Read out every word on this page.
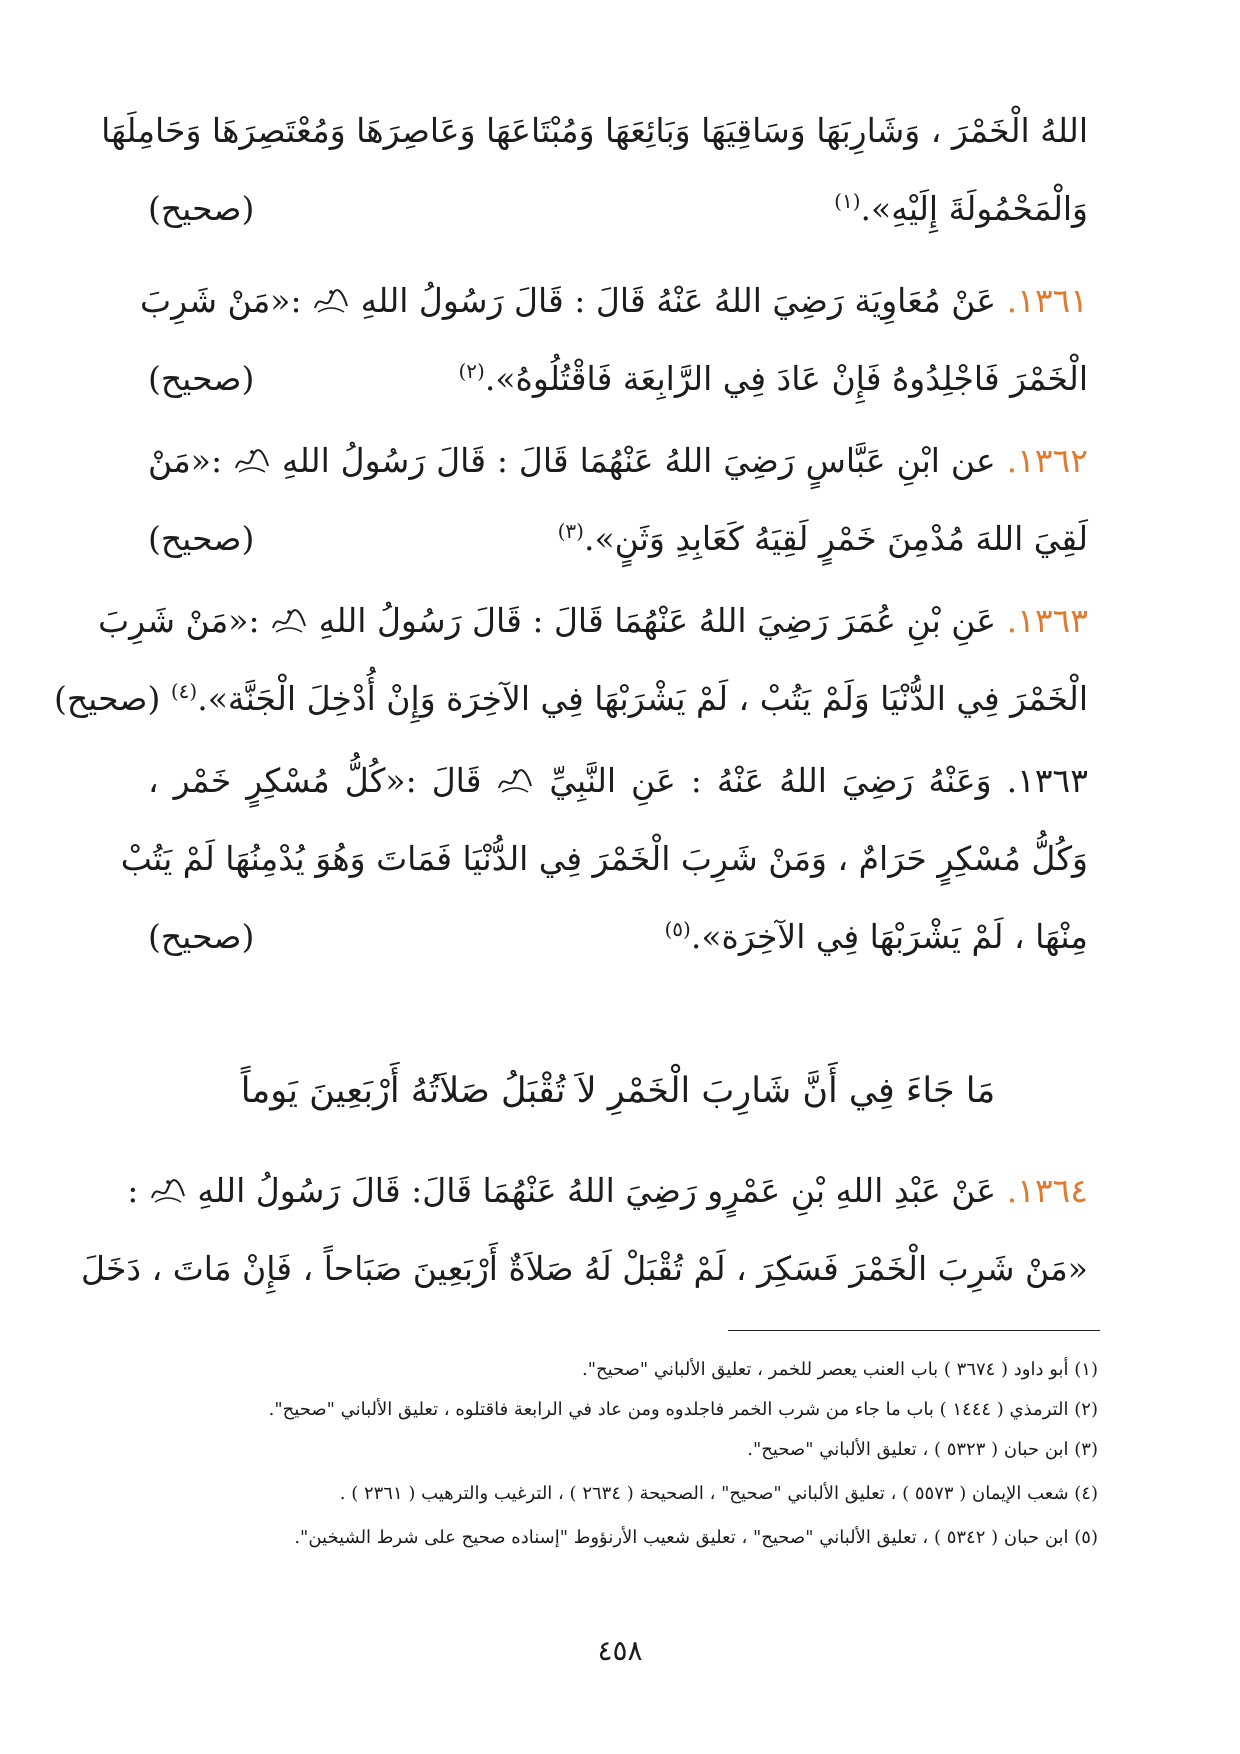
اللهُ الْخَمْرَ ، وَشَارِبَهَا وَسَاقِيَهَا وَبَائِعَهَا وَمُبْتَاعَهَا وَعَاصِرَهَا وَمُعْتَصِرَهَا وَحَامِلَهَا
وَالْمَحْمُولَةَ إِلَيْهِ».$^{(١)}$
(صحيح)
١٣٦١. عَنْ مُعَاوِيَة رَضِيَ اللهُ عَنْهُ قَالَ : قَالَ رَسُولُ اللهِ  :«مَنْ شَرِبَ
الْخَمْرَ فَاجْلِدُوهُ فَإِنْ عَادَ فِي الرَّابِعَة فَاقْتُلُوهُ».$^{(٢)}$
(صحيح)
١٣٦٢. عن ابْنِ عَبَّاسٍ رَضِيَ اللهُ عَنْهُمَا قَالَ : قَالَ رَسُولُ اللهِ  :«مَنْ
لَقِيَ اللهَ مُدْمِنَ خَمْرٍ لَقِيَهُ كَعَابِدِ وَثَنٍ».$^{(٣)}$
(صحيح)
١٣٦٣. عَنِ بْنِ عُمَرَ رَضِيَ اللهُ عَنْهُمَا قَالَ : قَالَ رَسُولُ اللهِ  :«مَنْ شَرِبَ
الْخَمْرَ فِي الدُّنْيَا وَلَمْ يَتُبْ ، لَمْ يَشْرَبْهَا فِي الآخِرَة وَإِنْ أُدْخِلَ الْجَنَّة».$^{(٤)}$ (صحيح)
١٣٦٣. وَعَنْهُ رَضِيَ اللهُ عَنْهُ : عَنِ النَّبِيِّ  قَالَ :«كُلُّ مُسْكِرٍ خَمْر ،
وَكُلُّ مُسْكِرٍ حَرَامٌ ، وَمَنْ شَرِبَ الْخَمْرَ فِي الدُّنْيَا فَمَاتَ وَهُوَ يُدْمِنُهَا لَمْ يَتُبْ
مِنْهَا ، لَمْ يَشْرَبْهَا فِي الآخِرَة».$^{(٥)}$
(صحيح)
مَا جَاءَ فِي أَنَّ شَارِبَ الْخَمْرِ لاَ تُقْبَلُ صَلاَتُهُ أَرْبَعِينَ يَوماً
١٣٦٤. عَنْ عَبْدِ اللهِ بْنِ عَمْرٍو رَضِيَ اللهُ عَنْهُمَا قَالَ: قَالَ رَسُولُ اللهِ  :
«مَنْ شَرِبَ الْخَمْرَ فَسَكِرَ ، لَمْ تُقْبَلْ لَهُ صَلاَةٌ أَرْبَعِينَ صَبَاحاً ، فَإِنْ مَاتَ ، دَخَلَ
(١) أبو داود ( ٣٦٧٤ ) باب العنب يعصر للخمر ، تعليق الألباني "صحيح".
(٢) الترمذي ( ١٤٤٤ ) باب ما جاء من شرب الخمر فاجلدوه ومن عاد في الرابعة فاقتلوه ، تعليق الألباني "صحيح".
(٣) ابن حبان ( ٥٣٢٣ ) ، تعليق الألباني "صحيح".
(٤) شعب الإيمان ( ٥٥٧٣ ) ، تعليق الألباني "صحيح" ، الصحيحة ( ٢٦٣٤ ) ، الترغيب والترهيب ( ٢٣٦١ ) .
(٥) ابن حبان ( ٥٣٤٢ ) ، تعليق الألباني "صحيح" ، تعليق شعيب الأرنؤوط "إسناده صحيح على شرط الشيخين".
٤٥٨
